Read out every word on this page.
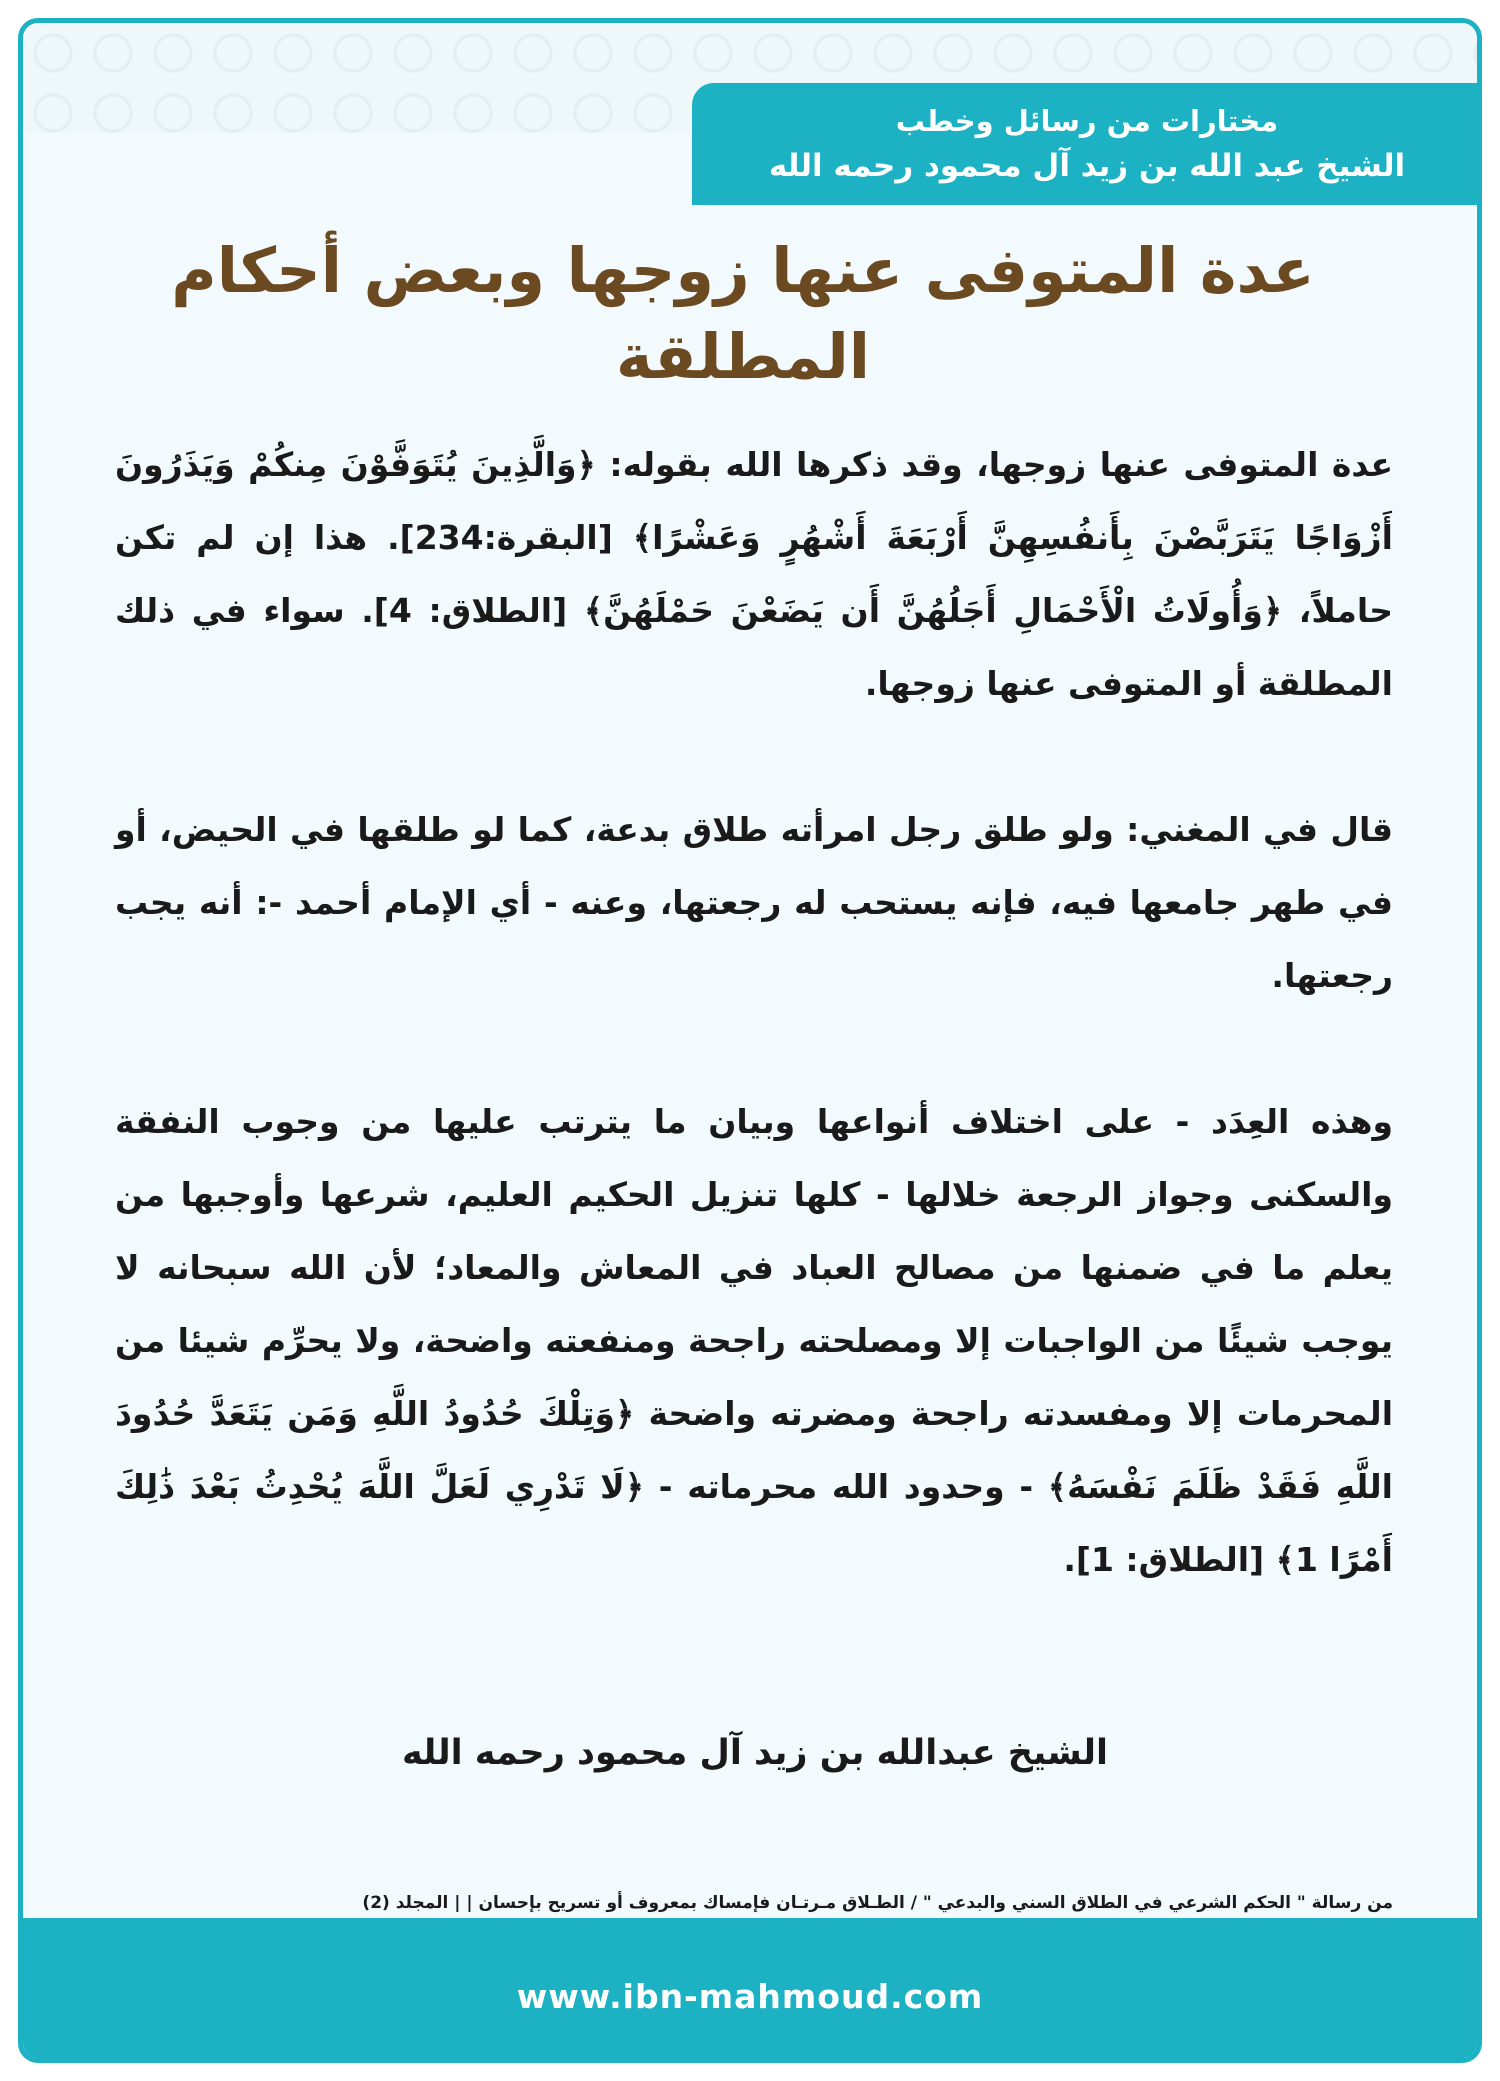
مختارات من رسائل وخطب
الشيخ عبد الله بن زيد آل محمود رحمه الله
عدة المتوفى عنها زوجها وبعض أحكام المطلقة

عدة المتوفى عنها زوجها، وقد ذكرها الله بقوله: ﴿وَالَّذِينَ يُتَوَفَّوْنَ مِنكُمْ وَيَذَرُونَ أَزْوَاجًا يَتَرَبَّصْنَ بِأَنفُسِهِنَّ أَرْبَعَةَ أَشْهُرٍ وَعَشْرًا﴾ [البقرة:234]. هذا إن لم تكن حاملاً، ﴿وَأُولَاتُ الْأَحْمَالِ أَجَلُهُنَّ أَن يَضَعْنَ حَمْلَهُنَّ﴾ [الطلاق: 4]. سواء في ذلك المطلقة أو المتوفى عنها زوجها.

قال في المغني: ولو طلق رجل امرأته طلاق بدعة، كما لو طلقها في الحيض، أو في طهر جامعها فيه، فإنه يستحب له رجعتها، وعنه - أي الإمام أحمد -: أنه يجب رجعتها.

وهذه العِدَد - على اختلاف أنواعها وبيان ما يترتب عليها من وجوب النفقة والسكنى وجواز الرجعة خلالها - كلها تنزيل الحكيم العليم، شرعها وأوجبها من يعلم ما في ضمنها من مصالح العباد في المعاش والمعاد؛ لأن الله سبحانه لا يوجب شيئًا من الواجبات إلا ومصلحته راجحة ومنفعته واضحة، ولا يحرِّم شيئا من المحرمات إلا ومفسدته راجحة ومضرته واضحة ﴿وَتِلْكَ حُدُودُ اللَّهِ وَمَن يَتَعَدَّ حُدُودَ اللَّهِ فَقَدْ ظَلَمَ نَفْسَهُ﴾ - وحدود الله محرماته - ﴿لَا تَدْرِي لَعَلَّ اللَّهَ يُحْدِثُ بَعْدَ ذَٰلِكَ أَمْرًا 1﴾ [الطلاق: 1].

الشيخ عبدالله بن زيد آل محمود رحمه الله
من رسالة " الحكم الشرعي في الطلاق السني والبدعي " / الطـلاق مـرتـان فإمساك بمعروف أو تسريح بإحسان | | المجلد (2)
www.ibn-mahmoud.com
